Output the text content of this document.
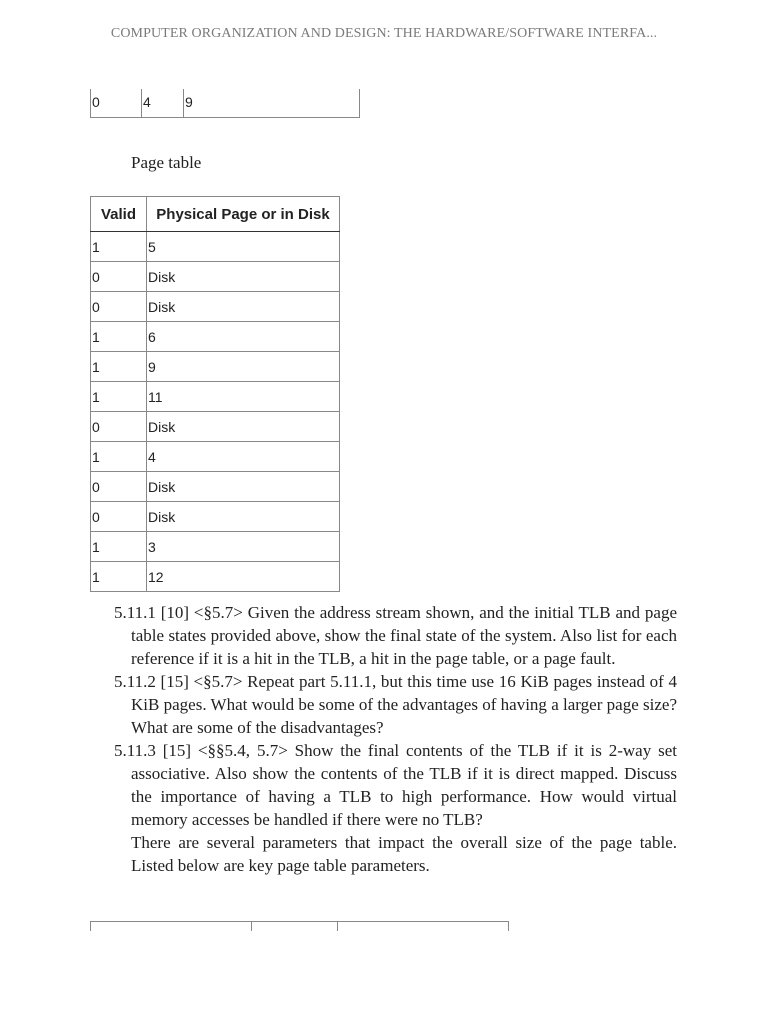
COMPUTER ORGANIZATION AND DESIGN: THE HARDWARE/SOFTWARE INTERFA...
0	4	9
Page table
Valid	Physical Page or in Disk
1	5
0	Disk
0	Disk
1	6
1	9
1	11
0	Disk
1	4
0	Disk
0	Disk
1	3
1	12

5.11.1 [10] <§5.7> Given the address stream shown, and the initial TLB and page table states provided above, show the final state of the system. Also list for each reference if it is a hit in the TLB, a hit in the page table, or a page fault.

5.11.2 [15] <§5.7> Repeat part 5.11.1, but this time use 16 KiB pages instead of 4 KiB pages. What would be some of the advantages of having a larger page size? What are some of the disadvantages?

5.11.3 [15] <§§5.4, 5.7> Show the final contents of the TLB if it is 2-way set associative. Also show the contents of the TLB if it is direct mapped. Discuss the importance of having a TLB to high performance. How would virtual memory accesses be handled if there were no TLB?

There are several parameters that impact the overall size of the page table. Listed below are key page table parameters.
